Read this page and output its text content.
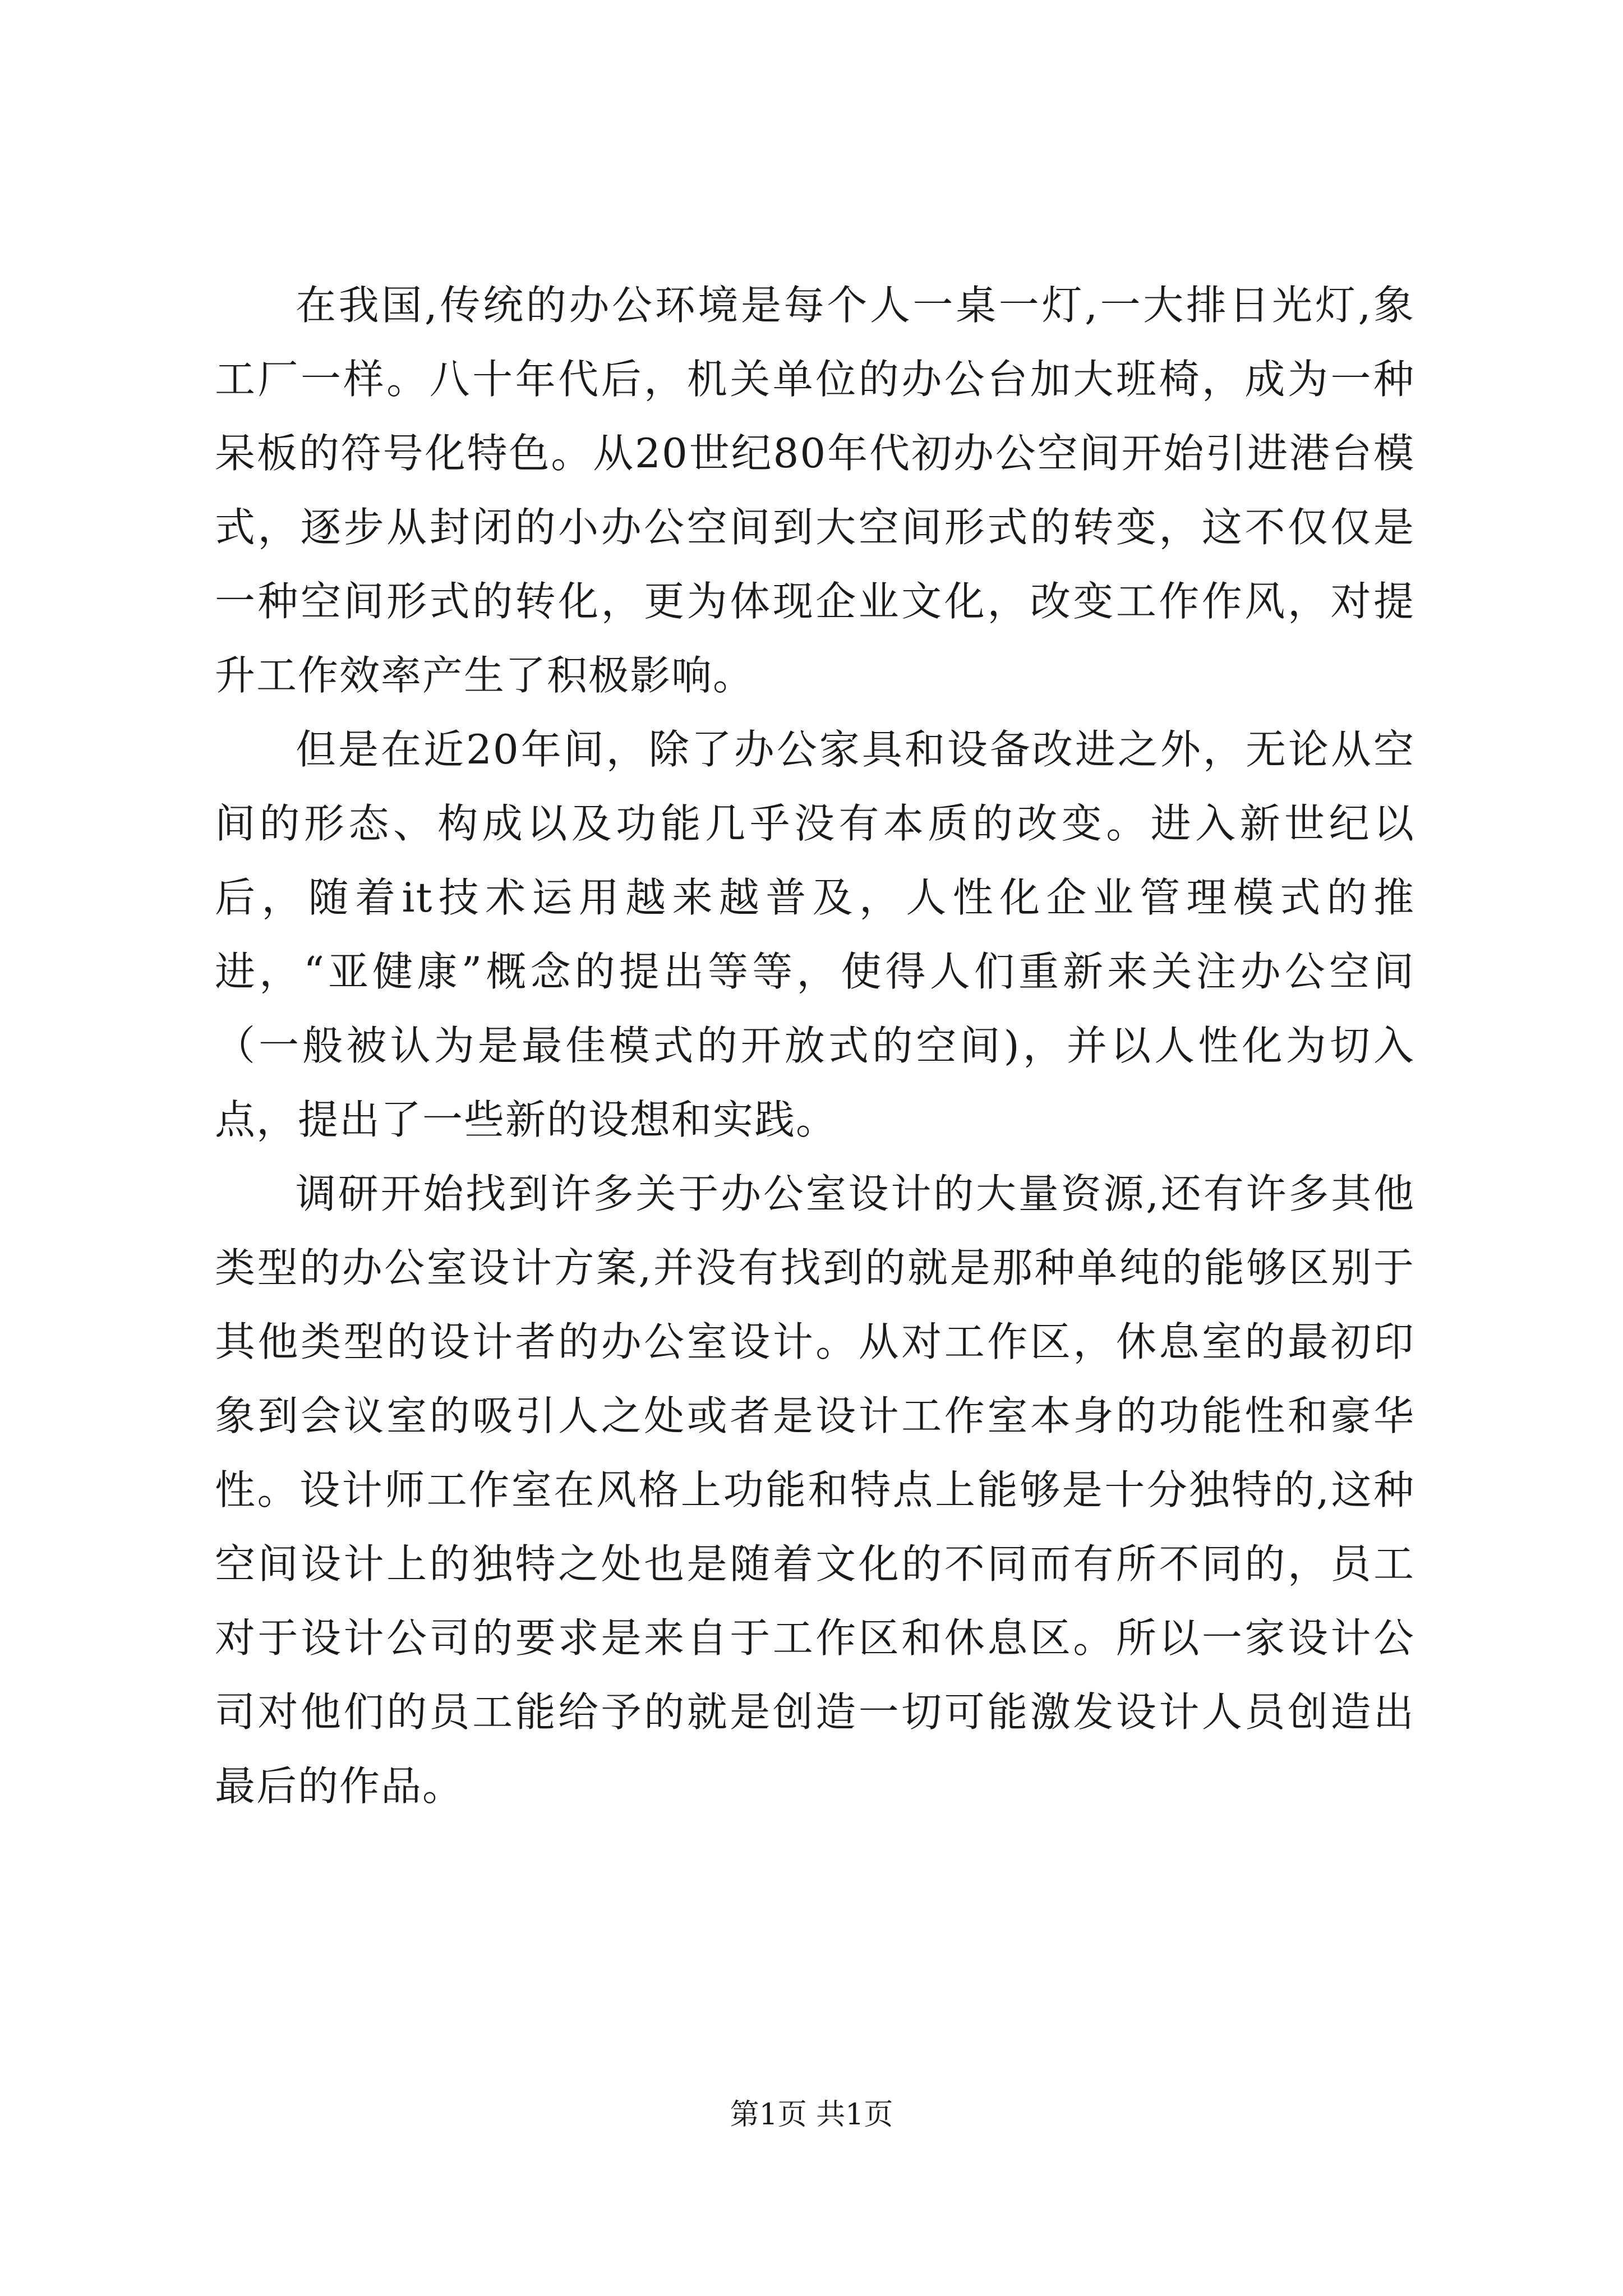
在我国,传统的办公环境是每个人一桌一灯,一大排日光灯,象工厂一样。八十年代后，机关单位的办公台加大班椅，成为一种呆板的符号化特色。从20世纪80年代初办公空间开始引进港台模式，逐步从封闭的小办公空间到大空间形式的转变，这不仅仅是一种空间形式的转化，更为体现企业文化，改变工作作风，对提升工作效率产生了积极影响。

但是在近20年间，除了办公家具和设备改进之外，无论从空间的形态、构成以及功能几乎没有本质的改变。进入新世纪以后，随着it技术运用越来越普及，人性化企业管理模式的推进，“亚健康”概念的提出等等，使得人们重新来关注办公空间（一般被认为是最佳模式的开放式的空间)，并以人性化为切入点，提出了一些新的设想和实践。

调研开始找到许多关于办公室设计的大量资源,还有许多其他类型的办公室设计方案,并没有找到的就是那种单纯的能够区别于其他类型的设计者的办公室设计。从对工作区，休息室的最初印象到会议室的吸引人之处或者是设计工作室本身的功能性和豪华性。设计师工作室在风格上功能和特点上能够是十分独特的,这种空间设计上的独特之处也是随着文化的不同而有所不同的，员工对于设计公司的要求是来自于工作区和休息区。所以一家设计公司对他们的员工能给予的就是创造一切可能激发设计人员创造出最后的作品。

第1页 共1页
